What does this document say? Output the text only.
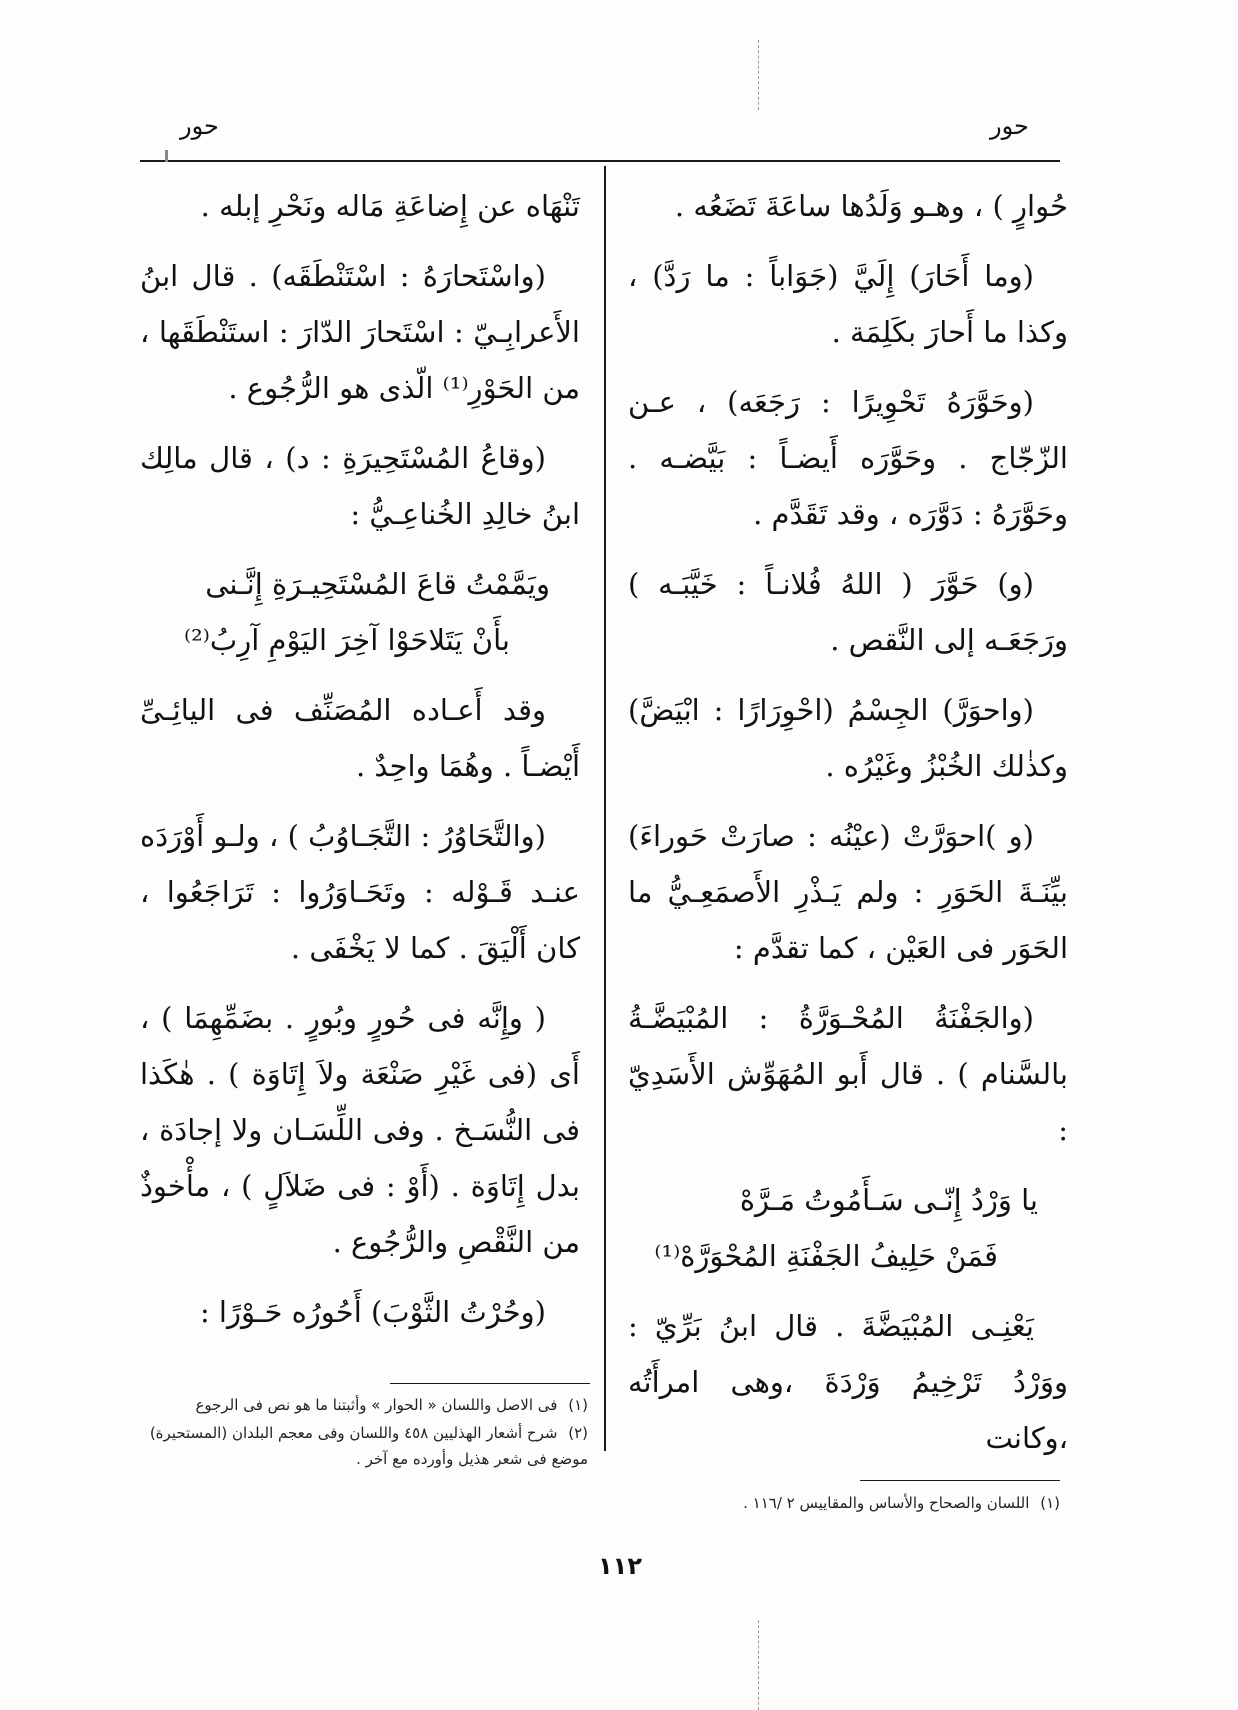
حور
حور

حُوارٍ ) ، وهـو وَلَدُها ساعَةَ تَضَعُه .

(وما أَحَارَ) إِلَيَّ (جَوَاباً : ما رَدَّ) ، وكذا ما أَحارَ بكَلِمَة .

(وحَوَّرَهُ تَحْوِيرًا : رَجَعَه) ، عـن الزّجّاج . وحَوَّرَه أَيضـاً : بَيَّضـه . وحَوَّرَهُ : دَوَّرَه ، وقد تَقَدَّم .

(و) حَوَّرَ ( اللهُ فُلانـاً : خَيَّبَـه ) ورَجَعَـه إلى النَّقص .

(واحوَرَّ) الجِسْمُ (احْوِرَارًا : ابْيَضَّ) وكذٰلك الخُبْزُ وغَيْرُه .

(و )احوَرَّتْ (عيْنُه : صارَتْ حَوراءَ) بيِّنَـةَ الحَوَرِ : ولم يَـذْرِ الأَصمَعِـيُّ ما الحَوَر فى العَيْن ، كما تقدَّم :

(والجَفْنَةُ المُحْـوَرَّةُ : المُبْيَضَّـةُ بالسَّنام ) . قال أَبو المُهَوِّش الأَسَدِيّ :

يا وَرْدُ إِنّـى سَـأَمُوتُ مَـرَّهْ
فَمَنْ حَلِيفُ الجَفْنَةِ المُحْوَرَّهْ⁽¹⁾

يَعْنِـى المُبْيَضَّةَ . قال ابنُ بَرِّيّ : ووَرْدُ تَرْخِيمُ وَرْدَةَ ،وهى امرأَتُه ،وكانت

تَنْهَاه عن إِضاعَةِ مَاله ونَحْرِ إبله .

(واسْتَحارَهُ : اسْتَنْطَقَه) . قال ابنُ الأَعرابِـيّ : اسْتَحارَ الدّارَ : استَنْطَقَها ، من الحَوْرِ⁽¹⁾ الّذى هو الرُّجُوع .

(وقاعُ المُسْتَحِيرَةِ : د) ، قال مالِك ابنُ خالِدِ الخُناعِـيُّ :

ويَمَّمْتُ قاعَ المُسْتَحِيـرَةِ إِنَّـنى
بأَنْ يَتَلاحَوْا آخِرَ اليَوْمِ آرِبُ⁽²⁾

وقد أَعـاده المُصَنِّف فى اليائِـىِّ أَيْضـاً . وهُمَا واحِدٌ .

(والتَّحَاوُرُ : التَّجَـاوُبُ ) ، ولـو أَوْرَدَه عنـد قَـوْله : وتَحَـاوَرُوا : تَرَاجَعُوا ، كان أَلْيَقَ . كما لا يَخْفَى .

( وإِنَّه فى حُورٍ وبُورٍ . بضَمِّهِمَا ) ، أَى (فى غَيْرِ صَنْعَة ولاَ إِتَاوَة ) . هٰكَذا فى النُّسَـخ . وفى اللِّسَـان ولا إجادَة ، بدل إِتَاوَة . (أَوْ : فى ضَلاَلٍ ) ، مأْخوذٌ من النَّقْصِ والرُّجُوع .

(وحُرْتُ الثَّوْبَ) أَحُورُه حَـوْرًا :

(١) فى الاصل واللسان « الحوار » وأثبتنا ما هو نص فى الرجوع
(٢) شرح أشعار الهذليين ٤٥٨ واللسان وفى معجم البلدان (المستحيرة) موضع فى شعر هذيل وأورده مع آخر .
(١) اللسان والصحاح والأساس والمقاييس ٢ /١١٦ .
١١٢
